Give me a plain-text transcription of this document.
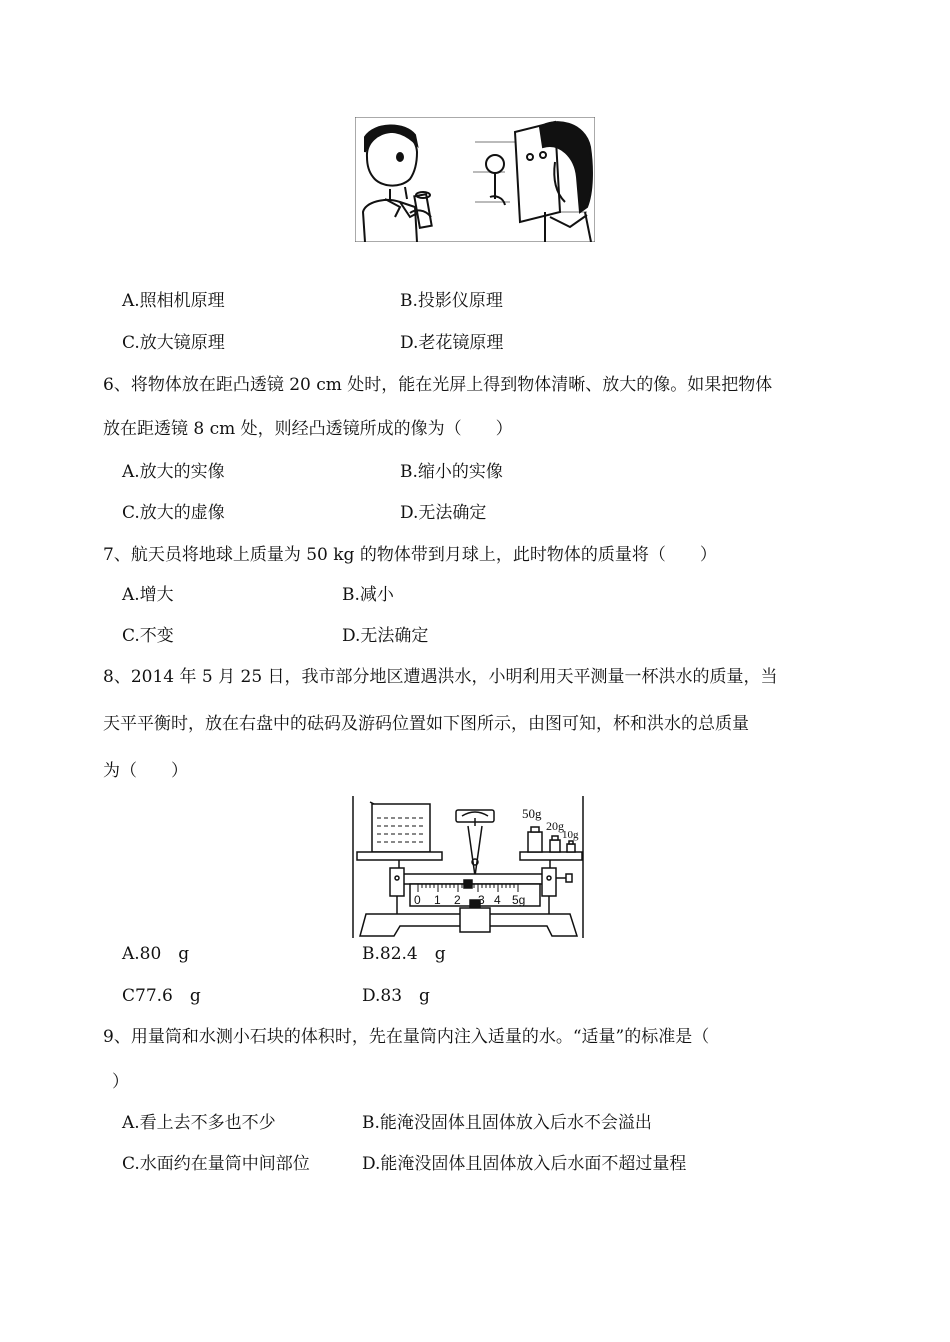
A.照相机原理	B.投影仪原理
C.放大镜原理	D.老花镜原理
6、将物体放在距凸透镜 20 cm 处时，能在光屏上得到物体清晰、放大的像。如果把物体
放在距透镜 8 cm 处，则经凸透镜所成的像为（　　）
A.放大的实像	B.缩小的实像
C.放大的虚像	D.无法确定
7、航天员将地球上质量为 50 kg 的物体带到月球上，此时物体的质量将（　　）
A.增大	B.减小
C.不变	D.无法确定
8、2014 年 5 月 25 日，我市部分地区遭遇洪水，小明利用天平测量一杯洪水的质量，当
天平平衡时，放在右盘中的砝码及游码位置如下图所示，由图可知，杯和洪水的总质量
为（　　）
50g
20g
10g
0 1 2 3 4 5g
A.80　g	B.82.4　g
C77.6　g	D.83　g
9、用量筒和水测小石块的体积时，先在量筒内注入适量的水。“适量”的标准是（
）
A.看上去不多也不少	B.能淹没固体且固体放入后水不会溢出
C.水面约在量筒中间部位	D.能淹没固体且固体放入后水面不超过量程
